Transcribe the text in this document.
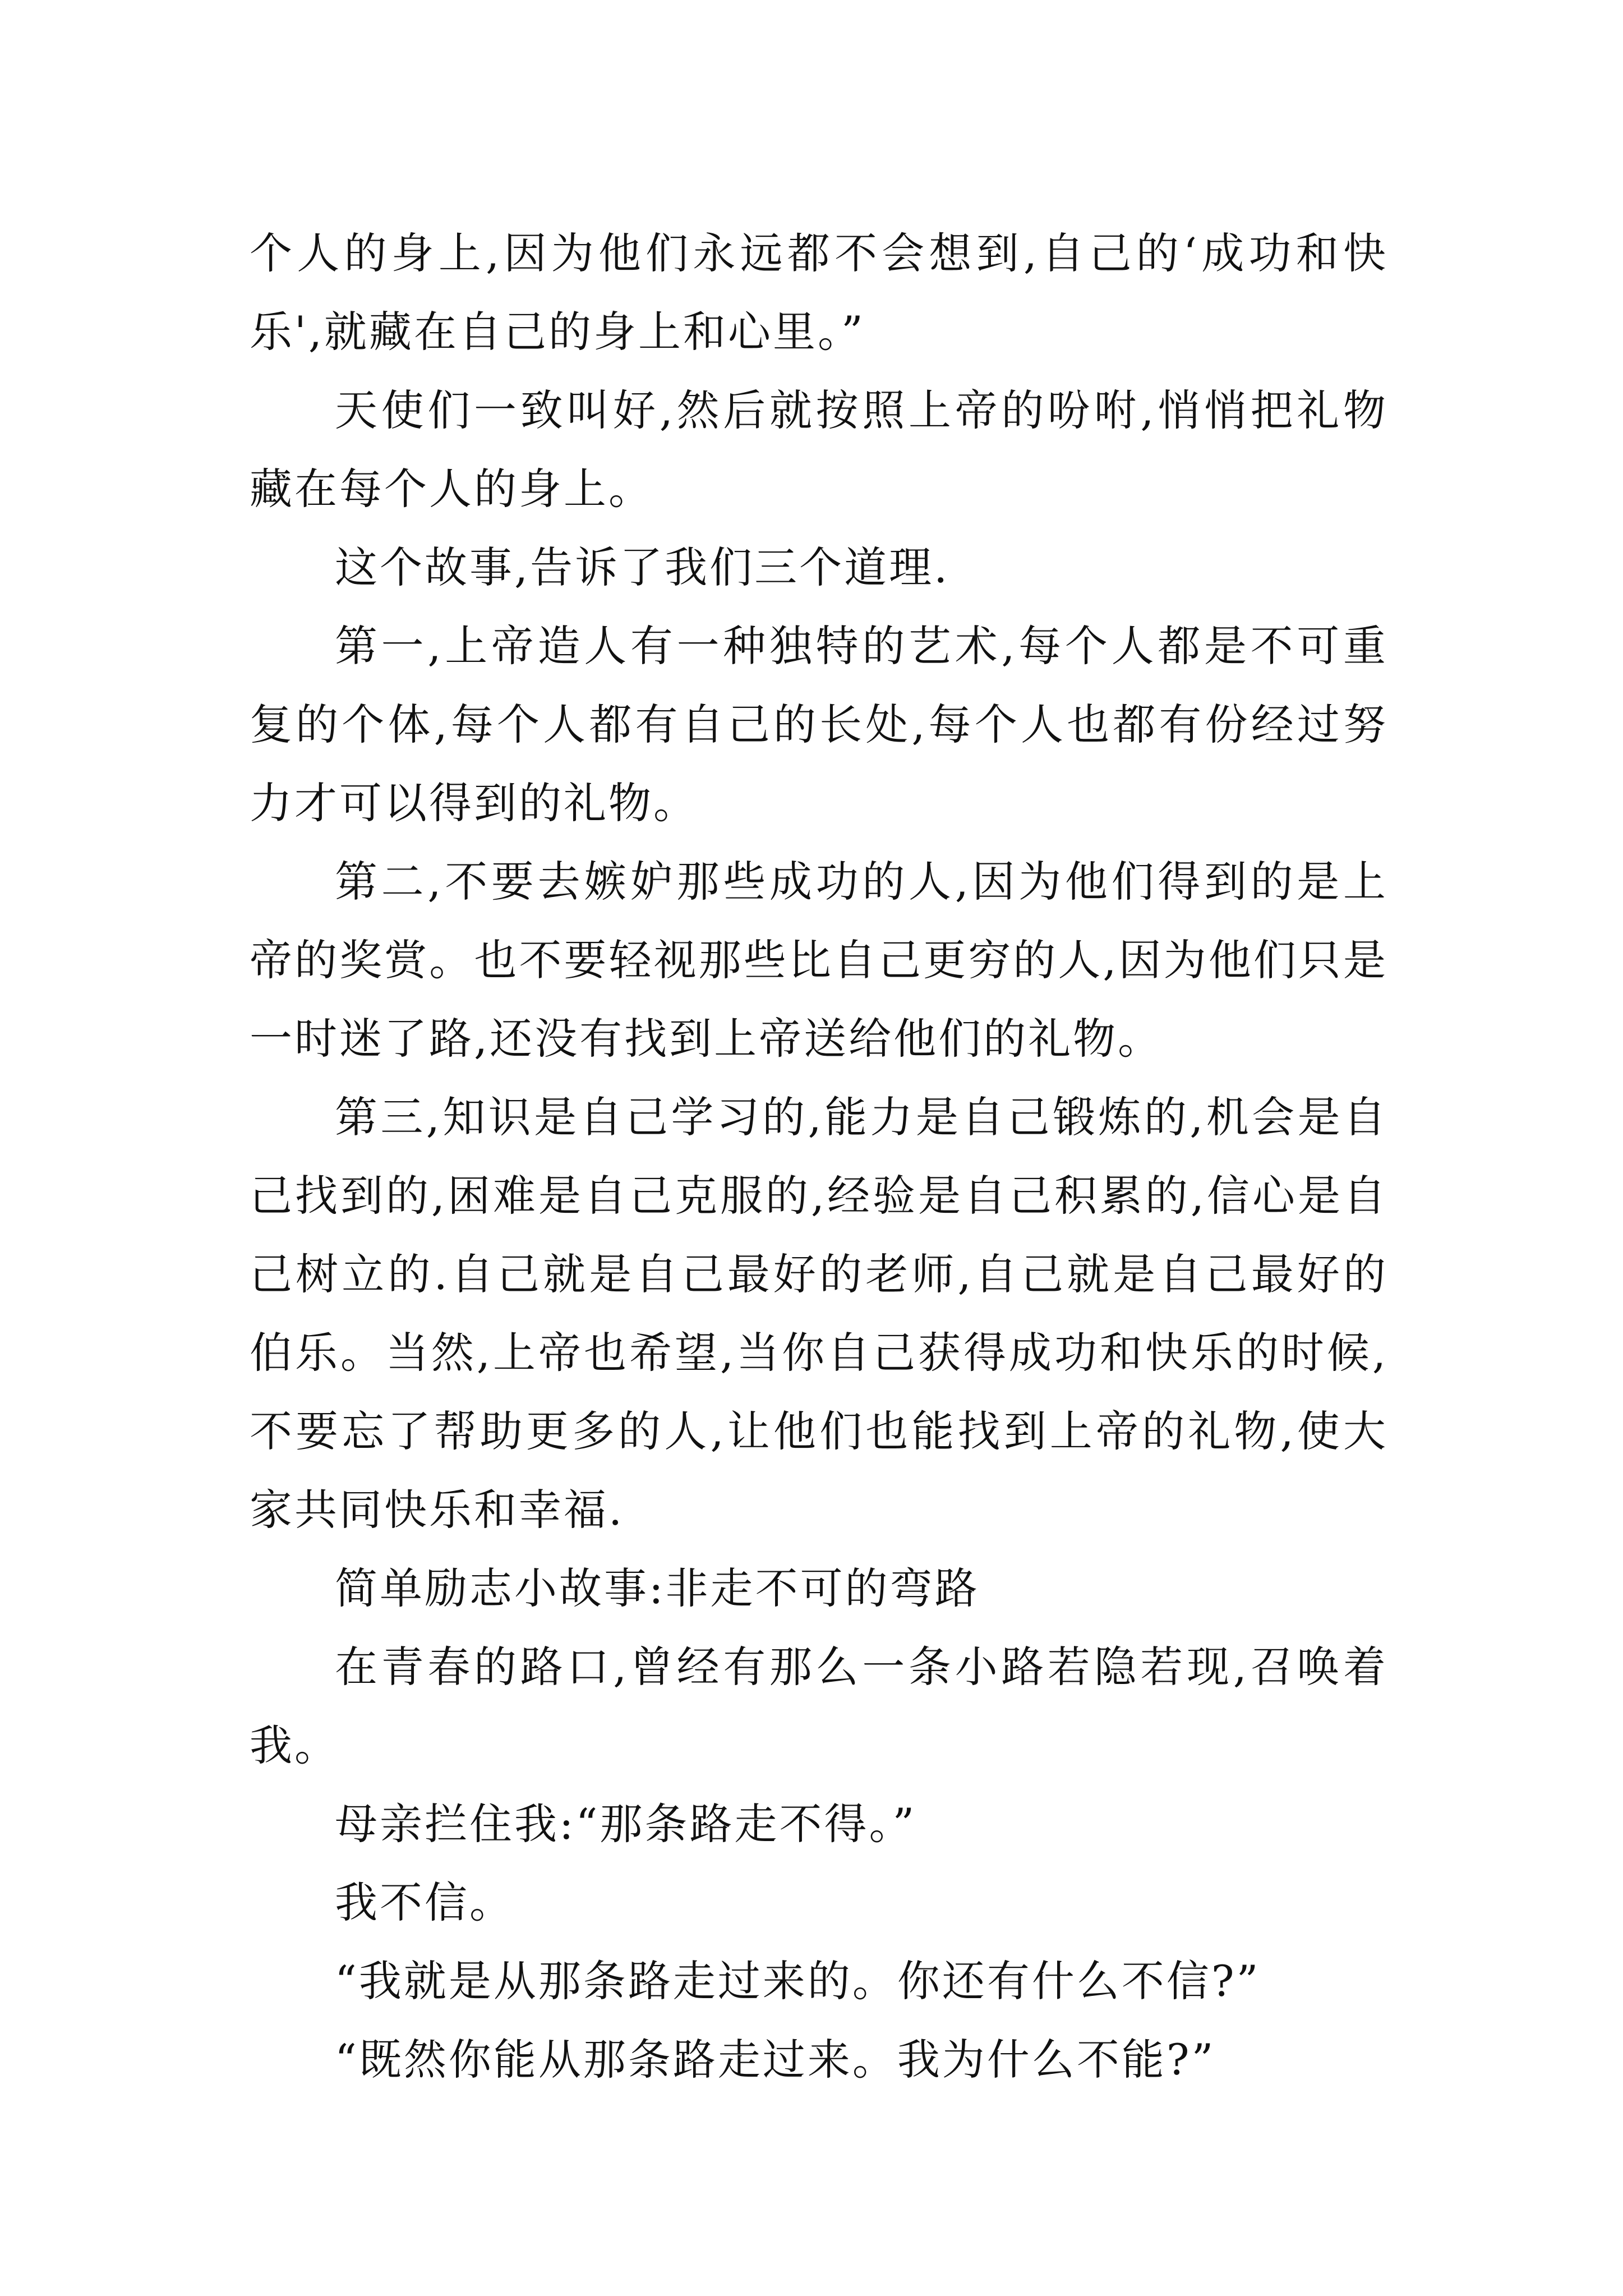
个人的身上,因为他们永远都不会想到,自己的‘成功和快乐',就藏在自己的身上和心里。”

天使们一致叫好,然后就按照上帝的吩咐,悄悄把礼物藏在每个人的身上。

这个故事,告诉了我们三个道理.

第一,上帝造人有一种独特的艺术,每个人都是不可重复的个体,每个人都有自己的长处,每个人也都有份经过努力才可以得到的礼物。

第二,不要去嫉妒那些成功的人,因为他们得到的是上帝的奖赏。也不要轻视那些比自己更穷的人,因为他们只是一时迷了路,还没有找到上帝送给他们的礼物。

第三,知识是自己学习的,能力是自己锻炼的,机会是自己找到的,困难是自己克服的,经验是自己积累的,信心是自己树立的.自己就是自己最好的老师,自己就是自己最好的伯乐。当然,上帝也希望,当你自己获得成功和快乐的时候,不要忘了帮助更多的人,让他们也能找到上帝的礼物,使大家共同快乐和幸福.

简单励志小故事:非走不可的弯路

在青春的路口,曾经有那么一条小路若隐若现,召唤着我。

母亲拦住我:“那条路走不得。”

我不信。

“我就是从那条路走过来的。你还有什么不信?”

“既然你能从那条路走过来。我为什么不能?”
